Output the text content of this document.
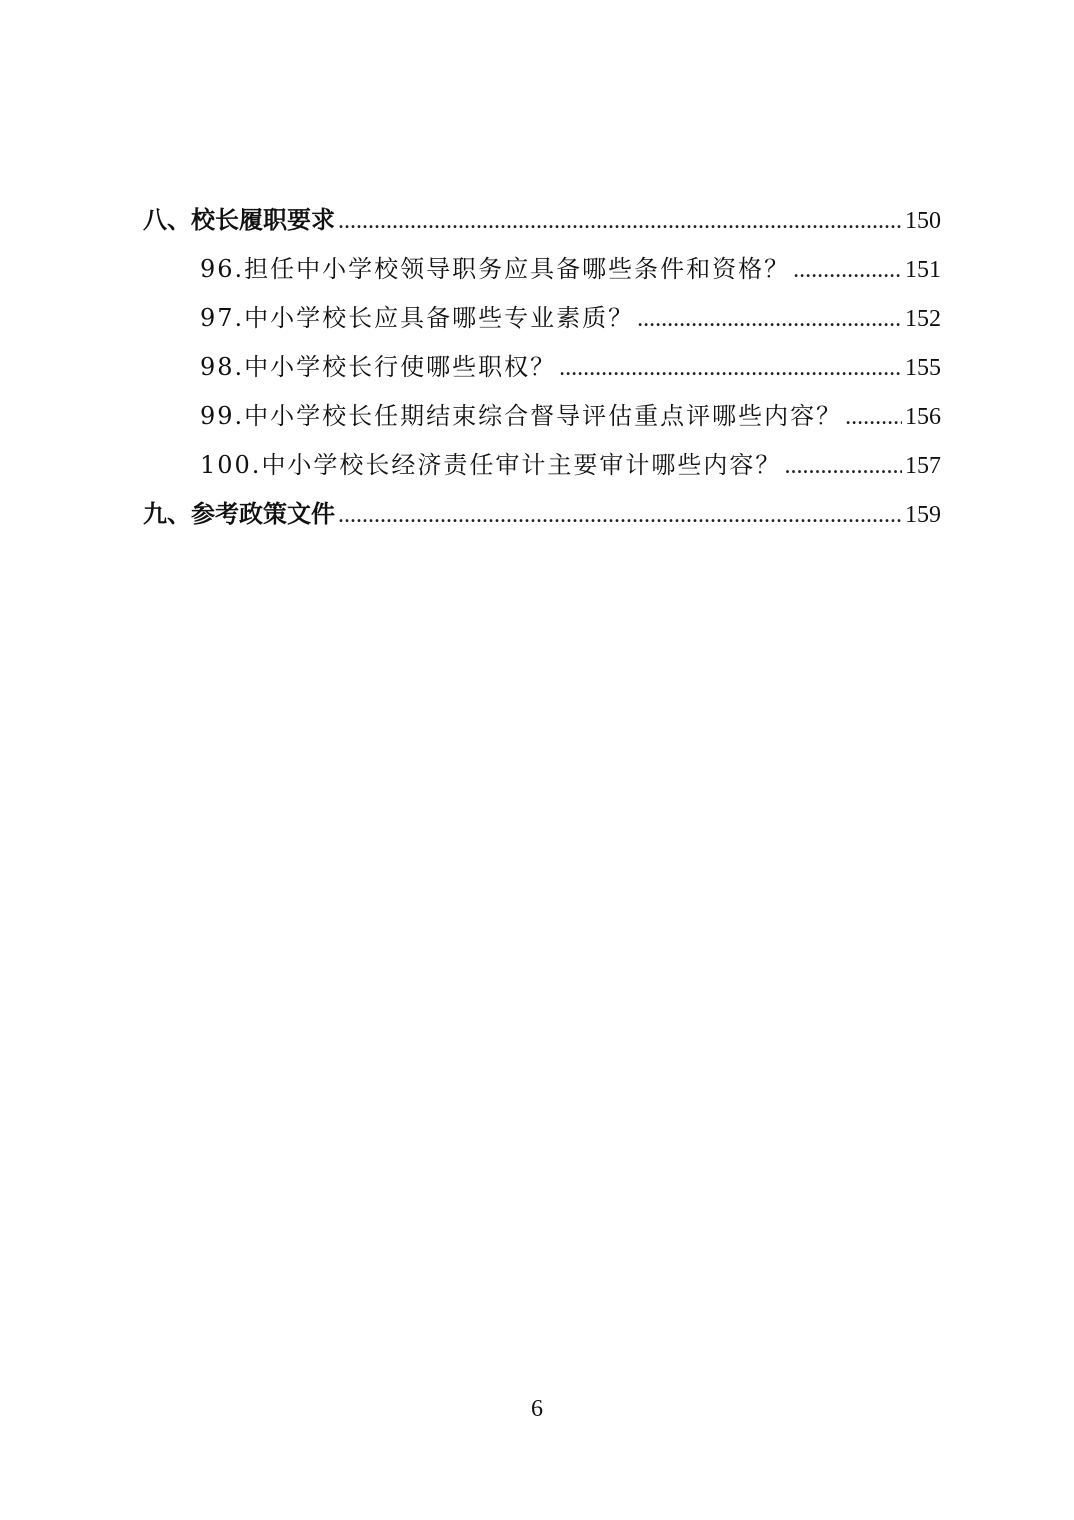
八、校长履职要求 .....	150
96.担任中小学校领导职务应具备哪些条件和资格？ .....	151
97.中小学校长应具备哪些专业素质？ .....	152
98.中小学校长行使哪些职权？ .....	155
99.中小学校长任期结束综合督导评估重点评哪些内容？ .....	156
100.中小学校长经济责任审计主要审计哪些内容？ .....	157
九、参考政策文件 .....	159
6
